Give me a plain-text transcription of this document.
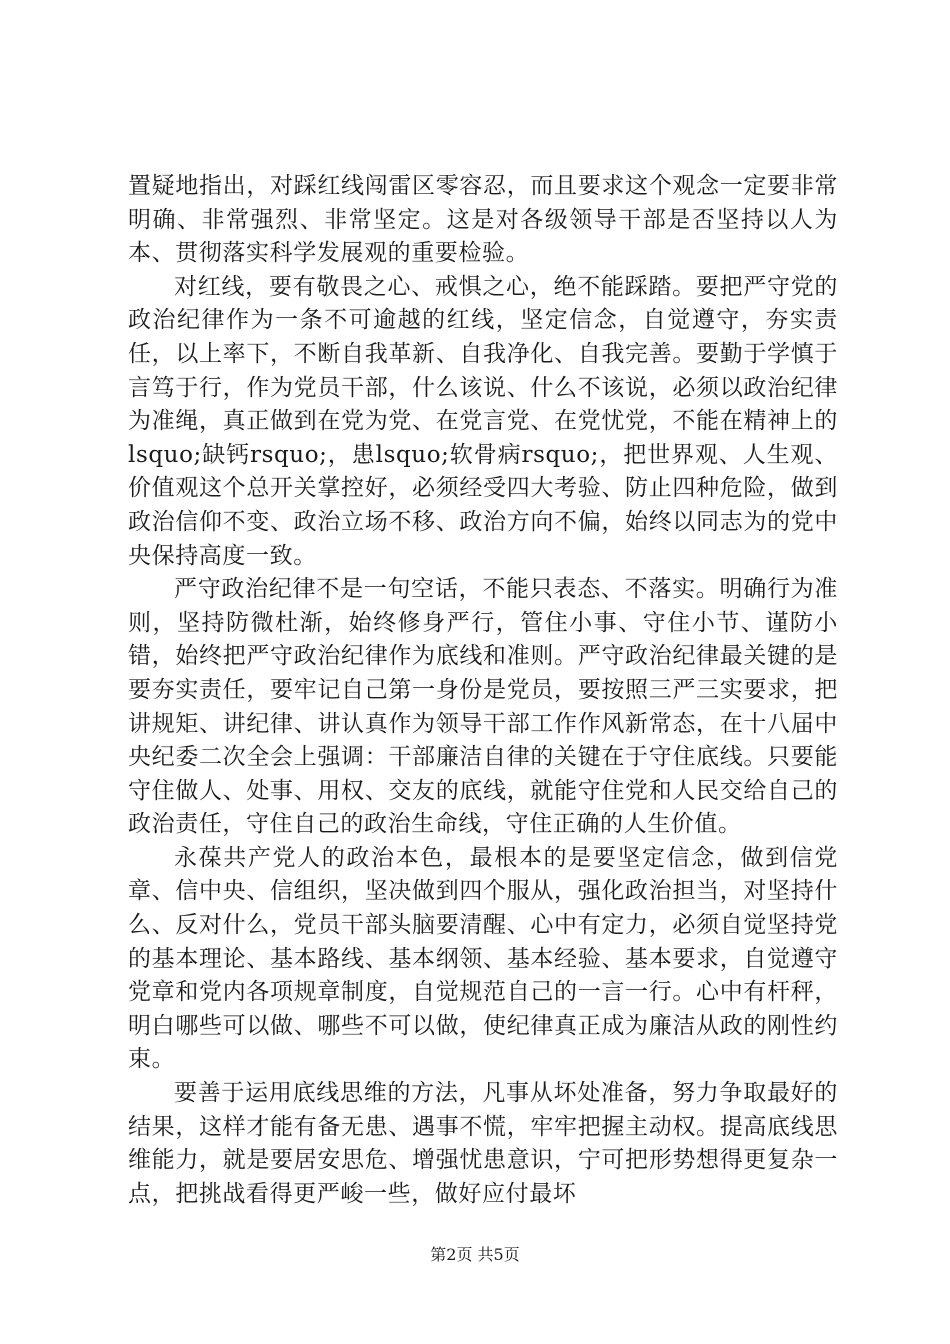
置疑地指出，对踩红线闯雷区零容忍，而且要求这个观念一定要非常明确、非常强烈、非常坚定。这是对各级领导干部是否坚持以人为本、贯彻落实科学发展观的重要检验。

对红线，要有敬畏之心、戒惧之心，绝不能踩踏。要把严守党的政治纪律作为一条不可逾越的红线，坚定信念，自觉遵守，夯实责任，以上率下，不断自我革新、自我净化、自我完善。要勤于学慎于言笃于行，作为党员干部，什么该说、什么不该说，必须以政治纪律为准绳，真正做到在党为党、在党言党、在党忧党，不能在精神上的lsquo;缺钙rsquo;，患lsquo;软骨病rsquo;，把世界观、人生观、价值观这个总开关掌控好，必须经受四大考验、防止四种危险，做到政治信仰不变、政治立场不移、政治方向不偏，始终以同志为的党中央保持高度一致。

严守政治纪律不是一句空话，不能只表态、不落实。明确行为准则，坚持防微杜渐，始终修身严行，管住小事、守住小节、谨防小错，始终把严守政治纪律作为底线和准则。严守政治纪律最关键的是要夯实责任，要牢记自己第一身份是党员，要按照三严三实要求，把讲规矩、讲纪律、讲认真作为领导干部工作作风新常态，在十八届中央纪委二次全会上强调：干部廉洁自律的关键在于守住底线。只要能守住做人、处事、用权、交友的底线，就能守住党和人民交给自己的政治责任，守住自己的政治生命线，守住正确的人生价值。

永葆共产党人的政治本色，最根本的是要坚定信念，做到信党章、信中央、信组织，坚决做到四个服从，强化政治担当，对坚持什么、反对什么，党员干部头脑要清醒、心中有定力，必须自觉坚持党的基本理论、基本路线、基本纲领、基本经验、基本要求，自觉遵守党章和党内各项规章制度，自觉规范自己的一言一行。心中有杆秤，明白哪些可以做、哪些不可以做，使纪律真正成为廉洁从政的刚性约束。

要善于运用底线思维的方法，凡事从坏处准备，努力争取最好的结果，这样才能有备无患、遇事不慌，牢牢把握主动权。提高底线思维能力，就是要居安思危、增强忧患意识，宁可把形势想得更复杂一点，把挑战看得更严峻一些，做好应付最坏

第2页 共5页
